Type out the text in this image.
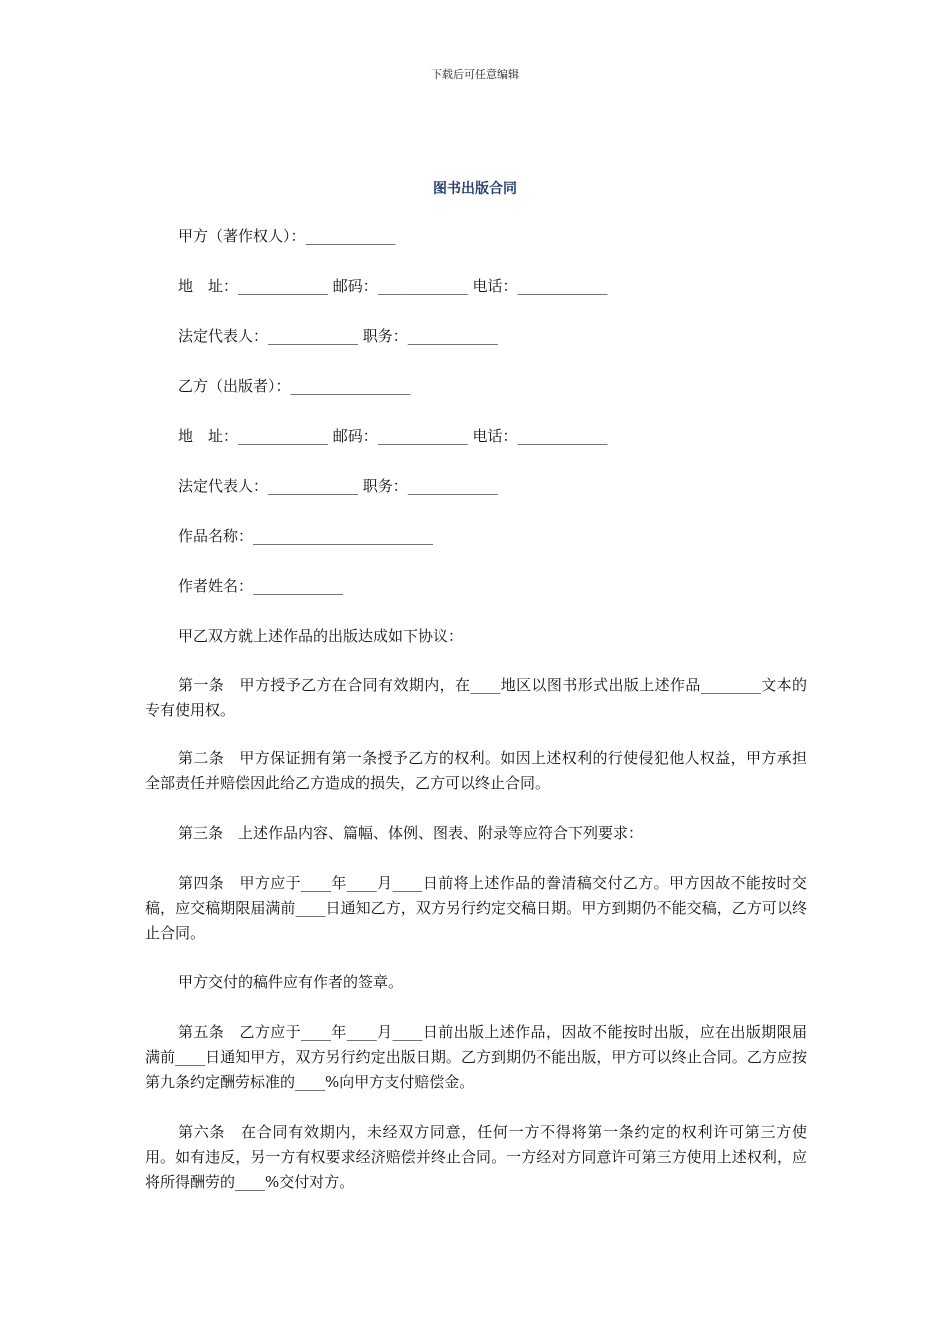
下载后可任意编辑
图书出版合同
甲方（著作权人）：____________
地　址：____________ 邮码：____________ 电话：____________
法定代表人：____________ 职务：____________
乙方（出版者）：________________
地　址：____________ 邮码：____________ 电话：____________
法定代表人：____________ 职务：____________
作品名称：________________________
作者姓名：____________
甲乙双方就上述作品的出版达成如下协议：
第一条　甲方授予乙方在合同有效期内，在____地区以图书形式出版上述作品________文本的专有使用权。
第二条　甲方保证拥有第一条授予乙方的权利。如因上述权利的行使侵犯他人权益，甲方承担全部责任并赔偿因此给乙方造成的损失，乙方可以终止合同。
第三条　上述作品内容、篇幅、体例、图表、附录等应符合下列要求：
第四条　甲方应于____年____月____日前将上述作品的誊清稿交付乙方。甲方因故不能按时交稿，应交稿期限届满前____日通知乙方，双方另行约定交稿日期。甲方到期仍不能交稿，乙方可以终止合同。
甲方交付的稿件应有作者的签章。
第五条　乙方应于____年____月____日前出版上述作品，因故不能按时出版，应在出版期限届满前____日通知甲方，双方另行约定出版日期。乙方到期仍不能出版，甲方可以终止合同。乙方应按第九条约定酬劳标准的____%向甲方支付赔偿金。
第六条　在合同有效期内，未经双方同意，任何一方不得将第一条约定的权利许可第三方使用。如有违反，另一方有权要求经济赔偿并终止合同。一方经对方同意许可第三方使用上述权利，应将所得酬劳的____%交付对方。
